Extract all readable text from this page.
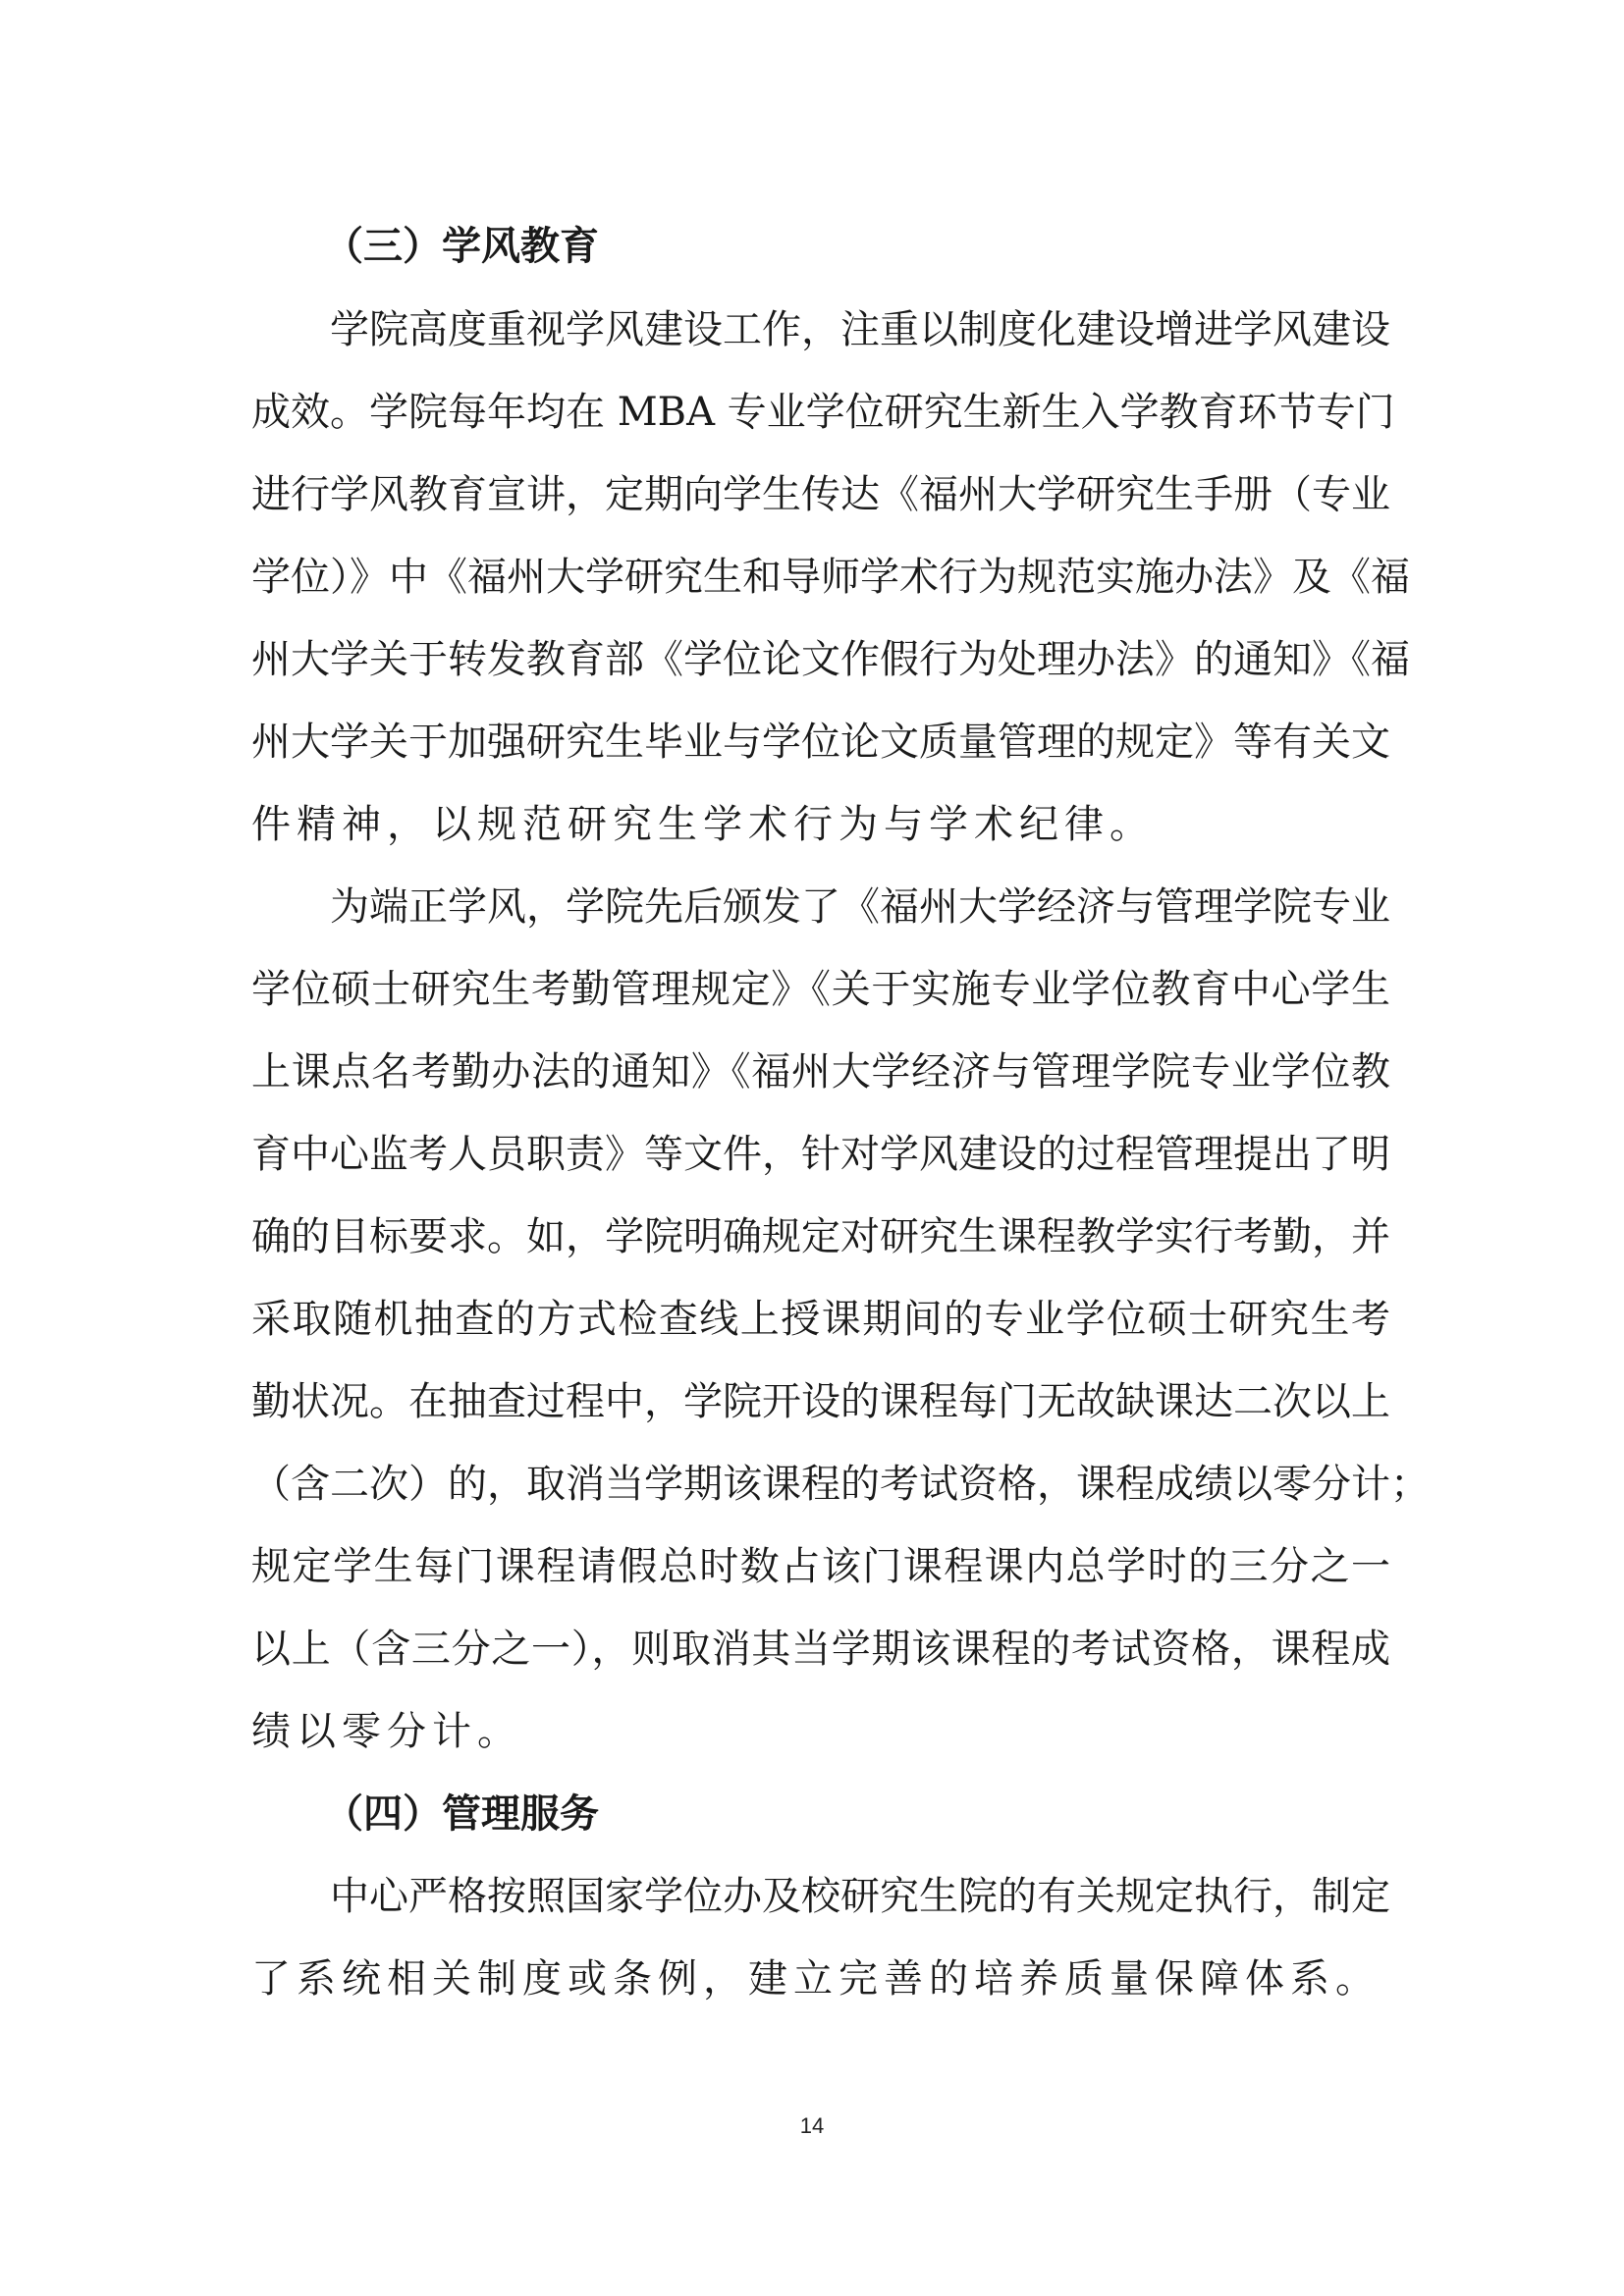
（三）学风教育
学院高度重视学风建设工作，注重以制度化建设增进学风建设
成效。学院每年均在 MBA 专业学位研究生新生入学教育环节专门
进行学风教育宣讲，定期向学生传达《福州大学研究生手册（专业
学位）》中《福州大学研究生和导师学术行为规范实施办法》及《福
州大学关于转发教育部《学位论文作假行为处理办法》的通知》《福
州大学关于加强研究生毕业与学位论文质量管理的规定》等有关文
件精神，以规范研究生学术行为与学术纪律。
为端正学风，学院先后颁发了《福州大学经济与管理学院专业
学位硕士研究生考勤管理规定》《关于实施专业学位教育中心学生
上课点名考勤办法的通知》《福州大学经济与管理学院专业学位教
育中心监考人员职责》等文件，针对学风建设的过程管理提出了明
确的目标要求。如，学院明确规定对研究生课程教学实行考勤，并
采取随机抽查的方式检查线上授课期间的专业学位硕士研究生考
勤状况。在抽查过程中，学院开设的课程每门无故缺课达二次以上
（含二次）的，取消当学期该课程的考试资格，课程成绩以零分计；
规定学生每门课程请假总时数占该门课程课内总学时的三分之一
以上（含三分之一），则取消其当学期该课程的考试资格，课程成
绩以零分计。
（四）管理服务
中心严格按照国家学位办及校研究生院的有关规定执行，制定
了系统相关制度或条例，建立完善的培养质量保障体系。
14
